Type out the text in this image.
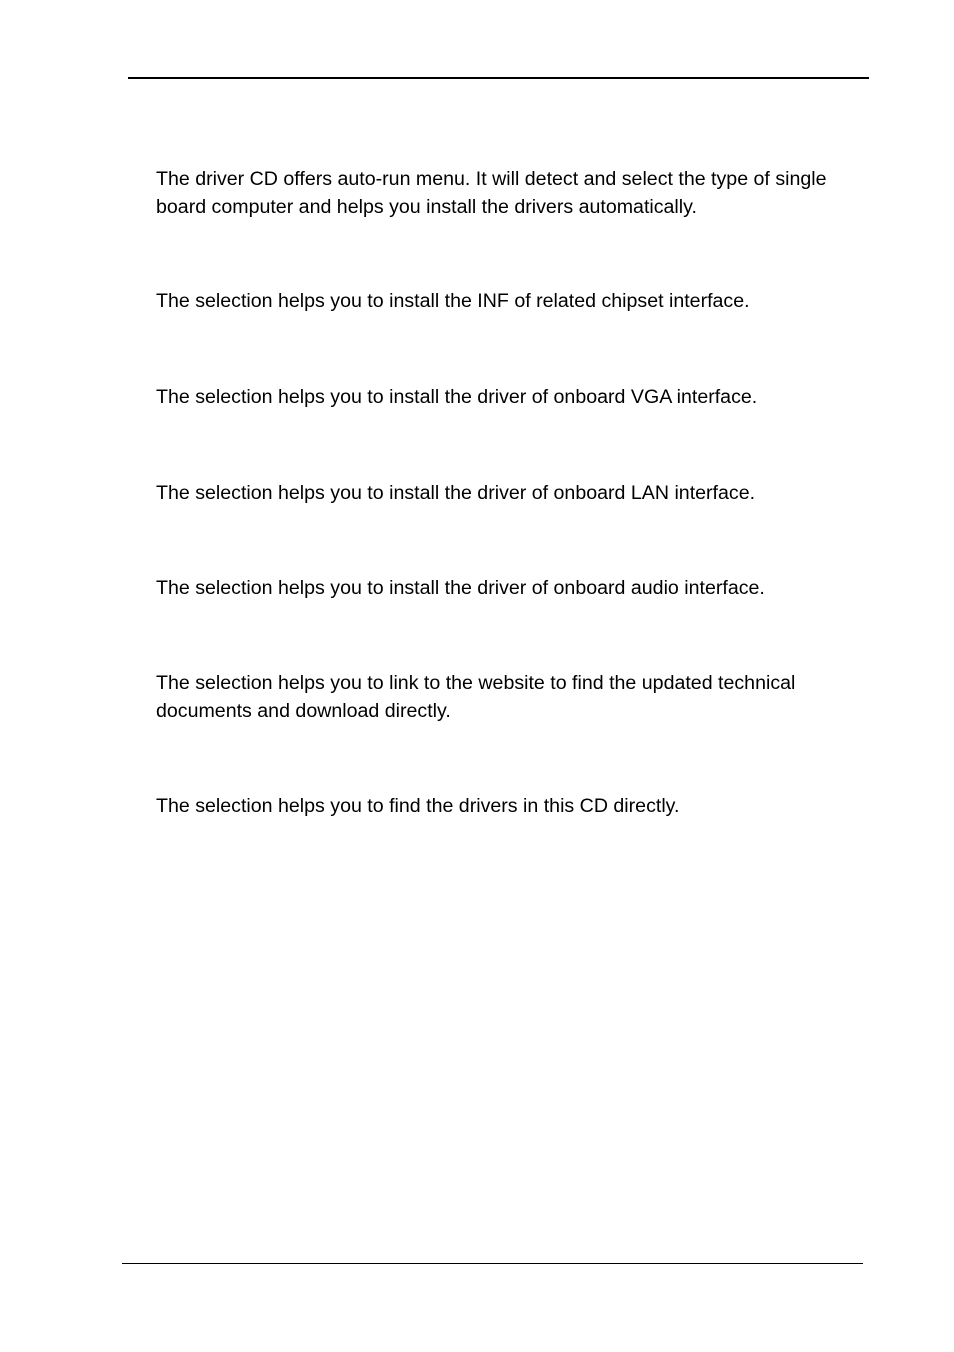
The driver CD offers auto-run menu. It will detect and select the type of single board computer and helps you install the drivers automatically.

The selection helps you to install the INF of related chipset interface.

The selection helps you to install the driver of onboard VGA interface.

The selection helps you to install the driver of onboard LAN interface.

The selection helps you to install the driver of onboard audio interface.

The selection helps you to link to the website to find the updated technical documents and download directly.

The selection helps you to find the drivers in this CD directly.
